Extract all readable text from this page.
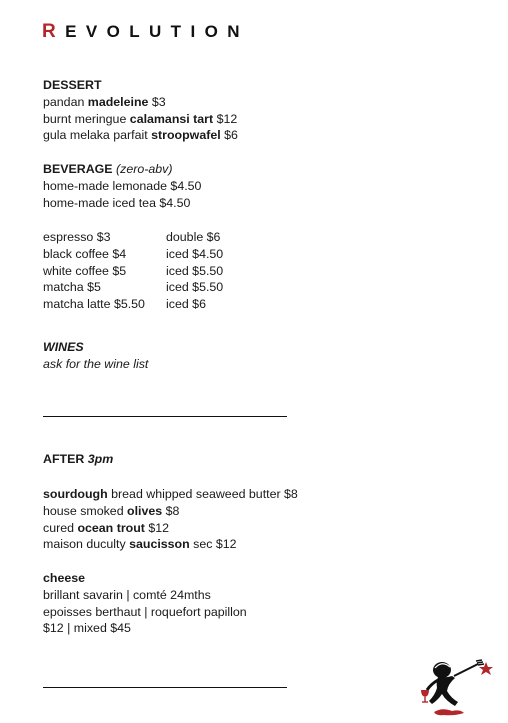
REVOLUTION
DESSERT
pandan madeleine $3
burnt meringue calamansi tart $12
gula melaka parfait stroopwafel $6
BEVERAGE (zero-abv)
home-made lemonade $4.50
home-made iced tea $4.50
espresso $3	double $6
black coffee $4	iced $4.50
white coffee $5	iced $5.50
matcha $5	iced $5.50
matcha latte $5.50	iced $6
WINES
ask for the wine list
AFTER 3pm
sourdough bread whipped seaweed butter $8
house smoked olives $8
cured ocean trout $12
maison duculty saucisson sec $12
cheese
brillant savarin | comté 24mths
epoisses berthaut | roquefort papillon
$12 | mixed $45
